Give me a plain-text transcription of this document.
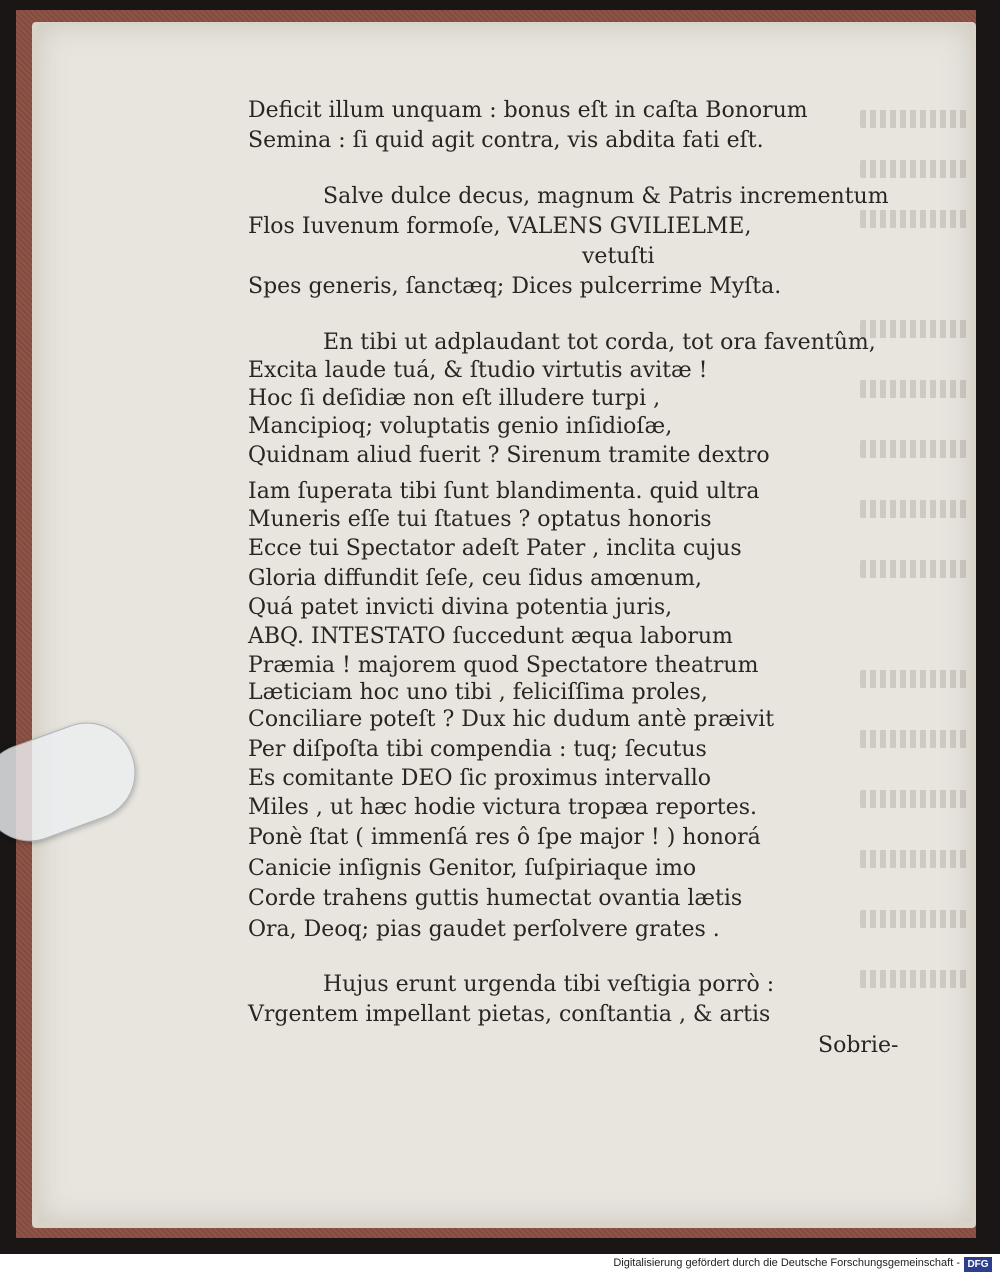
Deficit illum unquam : bonus eſt in caſta Bonorum
Semina : ſi quid agit contra, vis abdita fati eſt.
Salve dulce decus, magnum & Patris incrementum
Flos Iuvenum formoſe, VALENS GVILIELME,
vetuſti
Spes generis, ſanctæq; Dices pulcerrime Myſta.
En tibi ut adplaudant tot corda, tot ora faventûm,
Excita laude tuá, & ſtudio virtutis avitæ !
Hoc ſi deſidiæ non eſt illudere turpi ,
Mancipioq; voluptatis genio inſidioſæ,
Quidnam aliud fuerit ? Sirenum tramite dextro
Iam ſuperata tibi ſunt blandimenta. quid ultra
Muneris eſſe tui ſtatues ? optatus honoris
Ecce tui Spectator adeſt Pater , inclita cujus
Gloria diffundit ſeſe, ceu ſidus amœnum,
Quá patet invicti divina potentia juris,
ABQ. INTESTATO ſuccedunt æqua laborum
Præmia ! majorem quod Spectatore theatrum
Læticiam hoc uno tibi , feliciſſima proles,
Conciliare poteſt ? Dux hic dudum antè præivit
Per diſpoſta tibi compendia : tuq; ſecutus
Es comitante DEO ſic proximus intervallo
Miles , ut hæc hodie victura tropæa reportes.
Ponè ſtat ( immenſá res ô ſpe major ! ) honorá
Canicie inſignis Genitor, ſuſpiriaque imo
Corde trahens guttis humectat ovantia lætis
Ora, Deoq; pias gaudet perſolvere grates .
Hujus erunt urgenda tibi veſtigia porrò :
Vrgentem impellant pietas, conſtantia , & artis
Sobrie-
Digitalisierung gefördert durch die Deutsche Forschungsgemeinschaft - DFG
